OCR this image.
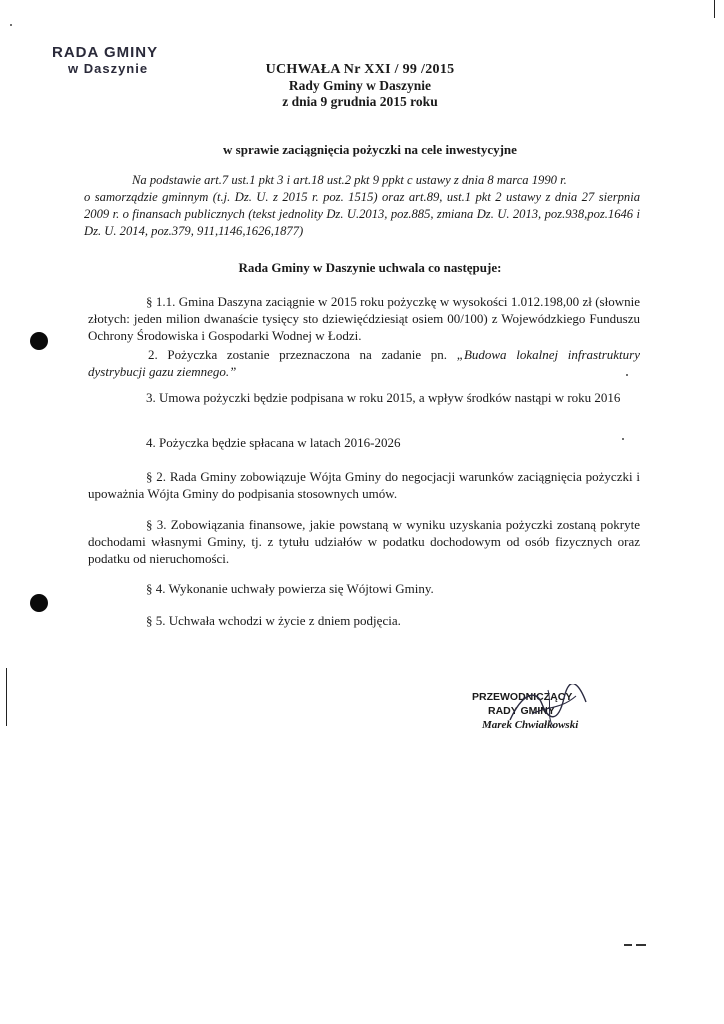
RADA GMINY
w Daszynie	UCHWAŁA Nr XXI / 99 /2015
Rady Gminy w Daszynie
z dnia 9 grudnia 2015 roku
w sprawie zaciągnięcia pożyczki na cele inwestycyjne
Na podstawie art.7 ust.1 pkt 3 i art.18 ust.2 pkt 9 ppkt c ustawy z dnia 8 marca 1990 r.
o samorządzie gminnym (t.j. Dz. U. z 2015 r. poz. 1515) oraz art.89, ust.1 pkt 2 ustawy z dnia 27 sierpnia 2009 r. o finansach publicznych (tekst jednolity Dz. U.2013, poz.885, zmiana Dz. U. 2013, poz.938,poz.1646 i Dz. U. 2014, poz.379, 911,1146,1626,1877)
Rada Gminy w Daszynie uchwala co następuje:
§ 1.1. Gmina Daszyna zaciągnie w 2015 roku pożyczkę w wysokości 1.012.198,00 zł (słownie złotych: jeden milion dwanaście tysięcy sto dziewięćdziesiąt osiem 00/100) z Wojewódzkiego Funduszu Ochrony Środowiska i Gospodarki Wodnej w Łodzi.
2. Pożyczka zostanie przeznaczona na zadanie pn. „Budowa lokalnej infrastruktury dystrybucji gazu ziemnego.”
3. Umowa pożyczki będzie podpisana w roku 2015, a wpływ środków nastąpi w roku 2016
4. Pożyczka będzie spłacana w latach 2016-2026
§ 2. Rada Gminy zobowiązuje Wójta Gminy do negocjacji warunków zaciągnięcia pożyczki i upoważnia Wójta Gminy do podpisania stosownych umów.
§ 3. Zobowiązania finansowe, jakie powstaną w wyniku uzyskania pożyczki zostaną pokryte dochodami własnymi Gminy, tj. z tytułu udziałów w podatku dochodowym od osób fizycznych oraz podatku od nieruchomości.
§ 4. Wykonanie uchwały powierza się Wójtowi Gminy.
§ 5. Uchwała wchodzi w życie z dniem podjęcia.
PRZEWODNICZĄCY
RADY GMINY
Marek Chwiałkowski
